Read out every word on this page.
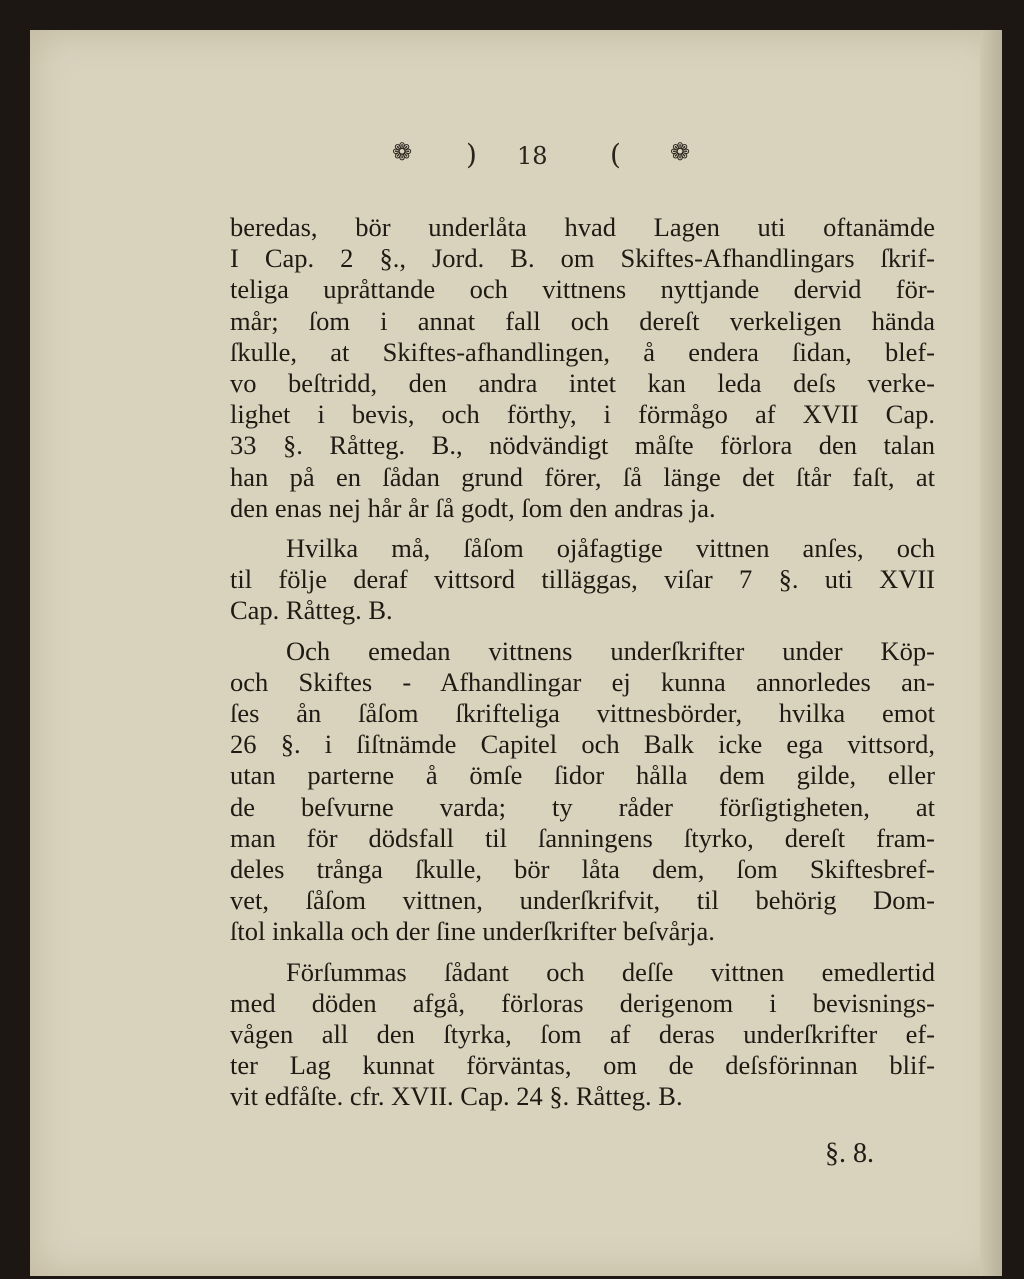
❁ ) 18 ( ❁
beredas, bör underlåta hvad Lagen uti oftanämde
I Cap. 2 §., Jord. B. om Skiftes-Afhandlingars ſkrif-
teliga upråttande och vittnens nyttjande dervid för-
mår; ſom i annat fall och dereſt verkeligen hända
ſkulle, at Skiftes-afhandlingen, å endera ſidan, blef-
vo beſtridd, den andra intet kan leda deſs verke-
lighet i bevis, och förthy, i förmågo af XVII Cap.
33 §. Råtteg. B., nödvändigt måſte förlora den talan
han på en ſådan grund förer, ſå länge det ſtår faſt, at
den enas nej hår år ſå godt, ſom den andras ja.
Hvilka må, ſåſom ojåfagtige vittnen anſes, och
til följe deraf vittsord tilläggas, viſar 7 §. uti XVII
Cap. Råtteg. B.
Och emedan vittnens underſkrifter under Köp-
och Skiftes - Afhandlingar ej kunna annorledes an-
ſes ån ſåſom ſkrifteliga vittnesbörder, hvilka emot
26 §. i ſiſtnämde Capitel och Balk icke ega vittsord,
utan parterne å ömſe ſidor hålla dem gilde, eller
de beſvurne varda; ty råder förſigtigheten, at
man för dödsfall til ſanningens ſtyrko, dereſt fram-
deles trånga ſkulle, bör låta dem, ſom Skiftesbref-
vet, ſåſom vittnen, underſkrifvit, til behörig Dom-
ſtol inkalla och der ſine underſkrifter beſvårja.
Förſummas ſådant och deſſe vittnen emedlertid
med döden afgå, förloras derigenom i bevisnings-
vågen all den ſtyrka, ſom af deras underſkrifter ef-
ter Lag kunnat förväntas, om de deſsförinnan blif-
vit edfåſte. cfr. XVII. Cap. 24 §. Råtteg. B.
§. 8.
